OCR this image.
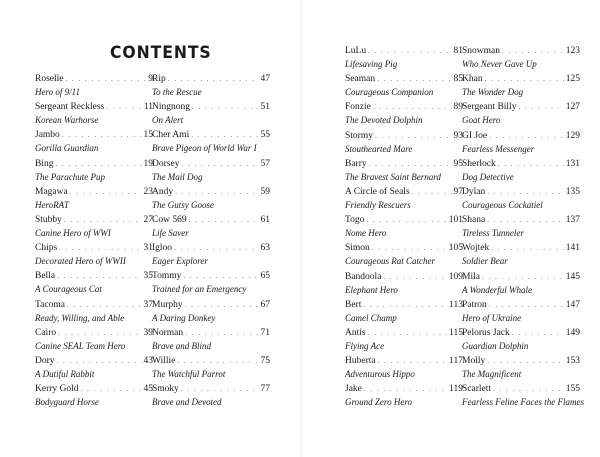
CONTENTS
Roselle . . .	9
Hero of 9/11
Sergeant Reckless . . .	11
Korean Warhorse
Jambo . . .	15
Gorilla Guardian
Bing . . .	19
The Parachute Pup
Magawa . . .	23
HeroRAT
Stubby . . .	27
Canine Hero of WWI
Chips . . .	31
Decorated Hero of WWII
Bella . . .	35
A Courageous Cat
Tacoma . . .	37
Ready, Willing, and Able
Cairo . . .	39
Canine SEAL Team Hero
Dory . . .	43
A Dutiful Rabbit
Kerry Gold . . .	45
Bodyguard Horse
Rip . . .	47
To the Rescue
Ningnong . . .	51
On Alert
Cher Ami . . .	55
Brave Pigeon of World War I
Dorsey . . .	57
The Mail Dog
Andy . . .	59
The Gutsy Goose
Cow 569 . . .	61
Life Saver
Igloo . . .	63
Eager Explorer
Tommy . . .	65
Trained for an Emergency
Murphy . . .	67
A Daring Donkey
Norman . . .	71
Brave and Blind
Willie . . .	75
The Watchful Parrot
Smoky . . .	77
Brave and Devoted
LuLu . . .	81
Lifesaving Pig
Seaman . . .	85
Courageous Companion
Fonzie . . .	89
The Devoted Dolphin
Stormy . . .	93
Stouthearted Mare
Barry . . .	95
The Bravest Saint Bernard
A Circle of Seals . . .	97
Friendly Rescuers
Togo . . .	101
Nome Hero
Simon . . .	105
Courageous Rat Catcher
Bandoola . . .	109
Elephant Hero
Bert . . .	113
Camel Champ
Antis . . .	115
Flying Ace
Huberta . . .	117
Adventurous Hippo
Jake . . .	119
Ground Zero Hero
Snowman . . .	123
Who Never Gave Up
Khan . . .	125
The Wonder Dog
Sergeant Billy . . .	127
Goat Hero
GI Joe . . .	129
Fearless Messenger
Sherlock . . .	131
Dog Detective
Dylan . . .	135
Courageous Cockatiel
Shana . . .	137
Tireless Tunneler
Wojtek . . .	141
Soldier Bear
Mila . . .	145
A Wonderful Whale
Patron . . .	147
Hero of Ukraine
Pelorus Jack . . .	149
Guardian Dolphin
Molly . . .	153
The Magnificent
Scarlett . . .	155
Fearless Feline Faces the Flames
